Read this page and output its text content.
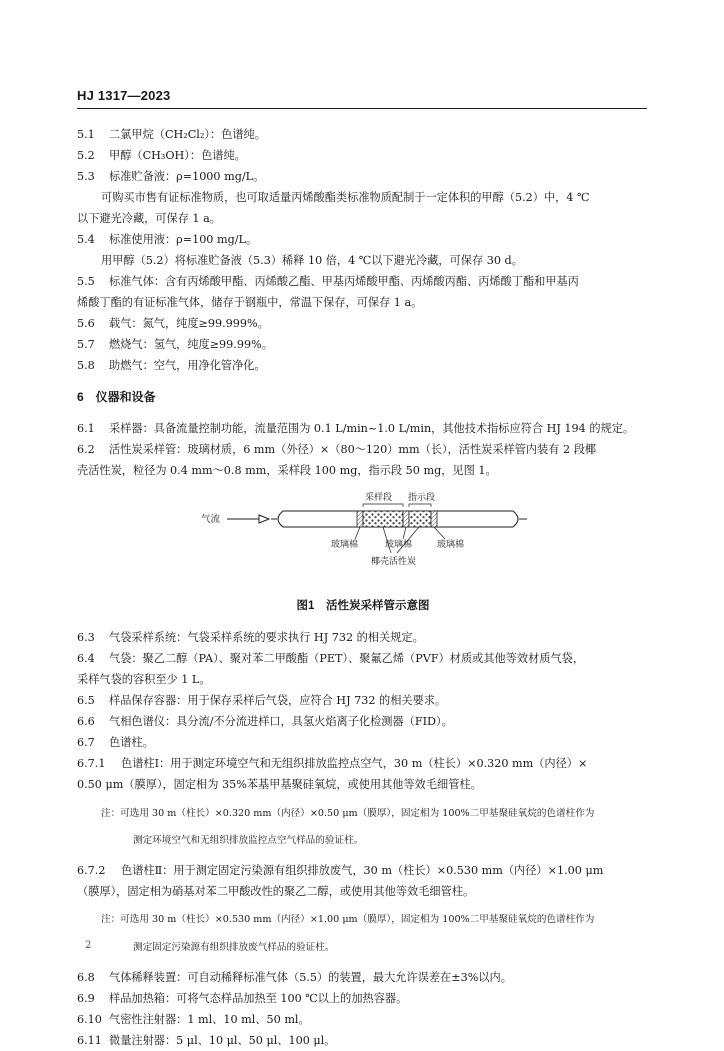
HJ 1317—2023

5.1 二氯甲烷（CH₂Cl₂）：色谱纯。

5.2 甲醇（CH₃OH）：色谱纯。

5.3 标准贮备液：ρ=1000 mg/L。

可购买市售有证标准物质，也可取适量丙烯酸酯类标准物质配制于一定体积的甲醇（5.2）中，4 ℃

以下避光冷藏，可保存 1 a。

5.4 标准使用液：ρ=100 mg/L。

用甲醇（5.2）将标准贮备液（5.3）稀释 10 倍，4 ℃以下避光冷藏，可保存 30 d。

5.5 标准气体：含有丙烯酸甲酯、丙烯酸乙酯、甲基丙烯酸甲酯、丙烯酸丙酯、丙烯酸丁酯和甲基丙

烯酸丁酯的有证标准气体，储存于钢瓶中，常温下保存，可保存 1 a。

5.6 载气：氮气，纯度≥99.999%。

5.7 燃烧气：氢气，纯度≥99.99%。

5.8 助燃气：空气，用净化管净化。

6　仪器和设备

6.1 采样器：具备流量控制功能，流量范围为 0.1 L/min~1.0 L/min，其他技术指标应符合 HJ 194 的规定。

6.2 活性炭采样管：玻璃材质，6 mm（外径）×（80～120）mm（长），活性炭采样管内装有 2 段椰

壳活性炭，粒径为 0.4 mm～0.8 mm，采样段 100 mg，指示段 50 mg，见图 1。

气流
采样段 指示段
玻璃棉	玻璃棉	玻璃棉
椰壳活性炭

图1　活性炭采样管示意图

6.3 气袋采样系统：气袋采样系统的要求执行 HJ 732 的相关规定。

6.4 气袋：聚乙二醇（PA）、聚对苯二甲酸酯（PET）、聚氟乙烯（PVF）材质或其他等效材质气袋，

采样气袋的容积至少 1 L。

6.5 样品保存容器：用于保存采样后气袋，应符合 HJ 732 的相关要求。

6.6 气相色谱仪：具分流/不分流进样口，具氢火焰离子化检测器（FID）。

6.7 色谱柱。

6.7.1 色谱柱Ⅰ：用于测定环境空气和无组织排放监控点空气，30 m（柱长）×0.320 mm（内径）×

0.50 μm（膜厚），固定相为 35%苯基甲基聚硅氧烷，或使用其他等效毛细管柱。

注：可选用 30 m（柱长）×0.320 mm（内径）×0.50 μm（膜厚），固定相为 100%二甲基聚硅氧烷的色谱柱作为

测定环境空气和无组织排放监控点空气样品的验证柱。

6.7.2 色谱柱Ⅱ：用于测定固定污染源有组织排放废气，30 m（柱长）×0.530 mm（内径）×1.00 μm

（膜厚），固定相为硝基对苯二甲酸改性的聚乙二醇，或使用其他等效毛细管柱。

注：可选用 30 m（柱长）×0.530 mm（内径）×1.00 μm（膜厚），固定相为 100%二甲基聚硅氧烷的色谱柱作为

测定固定污染源有组织排放废气样品的验证柱。

6.8 气体稀释装置：可自动稀释标准气体（5.5）的装置，最大允许误差在±3%以内。

6.9 样品加热箱：可将气态样品加热至 100 ℃以上的加热容器。

6.10 气密性注射器：1 ml、10 ml、50 ml。

6.11 微量注射器：5 μl、10 μl、50 μl、100 μl。

2
